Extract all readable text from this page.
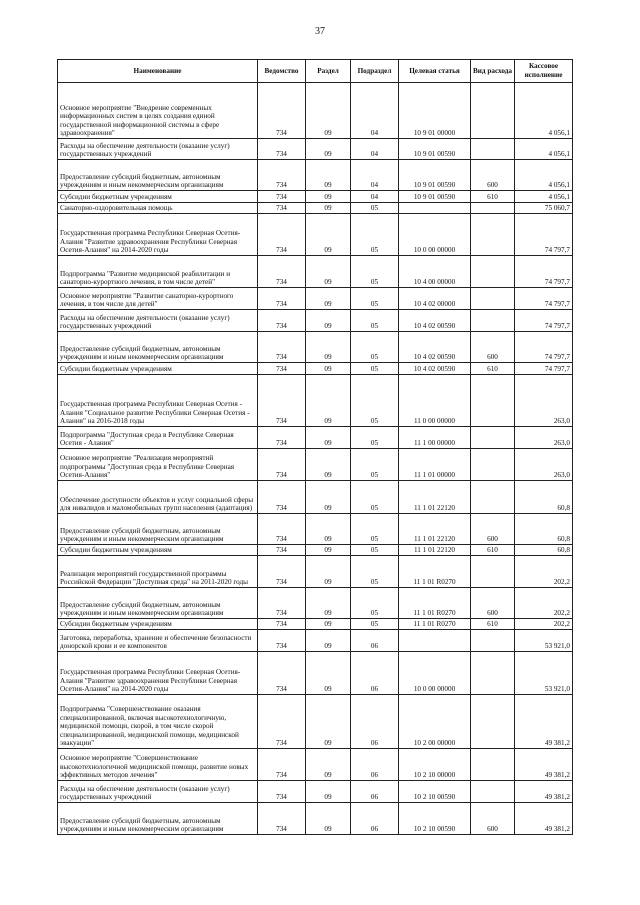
37
Наименование	Ведомство	Раздел	Подраздел	Целевая статья	Вид расхода	Кассовое исполнение
Основное мероприятие "Внедрение современных информационных систем в целях создания единой государственной информационной системы в сфере здравоохранения"	734	09	04	10 9 01 00000		4 056,1
Расходы на обеспечение деятельности (оказание услуг) государственных учреждений	734	09	04	10 9 01 00590		4 056,1
Предоставление субсидий бюджетным, автономным учреждениям и иным некоммерческим организациям	734	09	04	10 9 01 00590	600	4 056,1
Субсидии бюджетным учреждениям	734	09	04	10 9 01 00590	610	4 056,1
Санаторно-оздоровительная помощь	734	09	05			75 060,7
Государственная программа Республики Северная Осетия-Алания "Развитие здравоохранения Республики Северная Осетия-Алания" на 2014-2020 годы	734	09	05	10 0 00 00000		74 797,7
Подпрограмма "Развитие медицинской реабилитации и санаторно-курортного лечения, в том числе детей"	734	09	05	10 4 00 00000		74 797,7
Основное мероприятие "Развитие санаторно-курортного лечения, в том числе для детей"	734	09	05	10 4 02 00000		74 797,7
Расходы на обеспечение деятельности (оказание услуг) государственных учреждений	734	09	05	10 4 02 00590		74 797,7
Предоставление субсидий бюджетным, автономным учреждениям и иным некоммерческим организациям	734	09	05	10 4 02 00590	600	74 797,7
Субсидии бюджетным учреждениям	734	09	05	10 4 02 00590	610	74 797,7
Государственная программа Республики Северная Осетия - Алания "Социальное развитие Республики Северная Осетия - Алания" на 2016-2018 годы	734	09	05	11 0 00 00000		263,0
Подпрограмма "Доступная среда в Республике Северная Осетия - Алания"	734	09	05	11 1 00 00000		263,0
Основное мероприятие "Реализация мероприятий подпрограммы "Доступная среда в Республике Северная Осетия-Алания"	734	09	05	11 1 01 00000		263,0
Обеспечение доступности объектов и услуг социальной сферы для инвалидов и маломобильных групп населения (адаптация)	734	09	05	11 1 01 22120		60,8
Предоставление субсидий бюджетным, автономным учреждениям и иным некоммерческим организациям	734	09	05	11 1 01 22120	600	60,8
Субсидии бюджетным учреждениям	734	09	05	11 1 01 22120	610	60,8
Реализация мероприятий государственной программы Российской Федерации "Доступная среда" на 2011-2020 годы	734	09	05	11 1 01 R0270		202,2
Предоставление субсидий бюджетным, автономным учреждениям и иным некоммерческим организациям	734	09	05	11 1 01 R0270	600	202,2
Субсидии бюджетным учреждениям	734	09	05	11 1 01 R0270	610	202,2
Заготовка, переработка, хранение и обеспечение безопасности донорской крови и ее компонентов	734	09	06			53 921,0
Государственная программа Республики Северная Осетия-Алания "Развитие здравоохранения Республики Северная Осетия-Алания" на 2014-2020 годы	734	09	06	10 0 00 00000		53 921,0
Подпрограмма "Совершенствование оказания специализированной, включая высокотехнологичную, медицинской помощи, скорой, в том числе скорой специализированной, медицинской помощи, медицинской эвакуации"	734	09	06	10 2 00 00000		49 381,2
Основное мероприятие "Совершенствование высокотехнологичной медицинской помощи, развитие новых эффективных методов лечения"	734	09	06	10 2 10 00000		49 381,2
Расходы на обеспечение деятельности (оказание услуг) государственных учреждений	734	09	06	10 2 10 00590		49 381,2
Предоставление субсидий бюджетным, автономным учреждениям и иным некоммерческим организациям	734	09	06	10 2 10 00590	600	49 381,2
